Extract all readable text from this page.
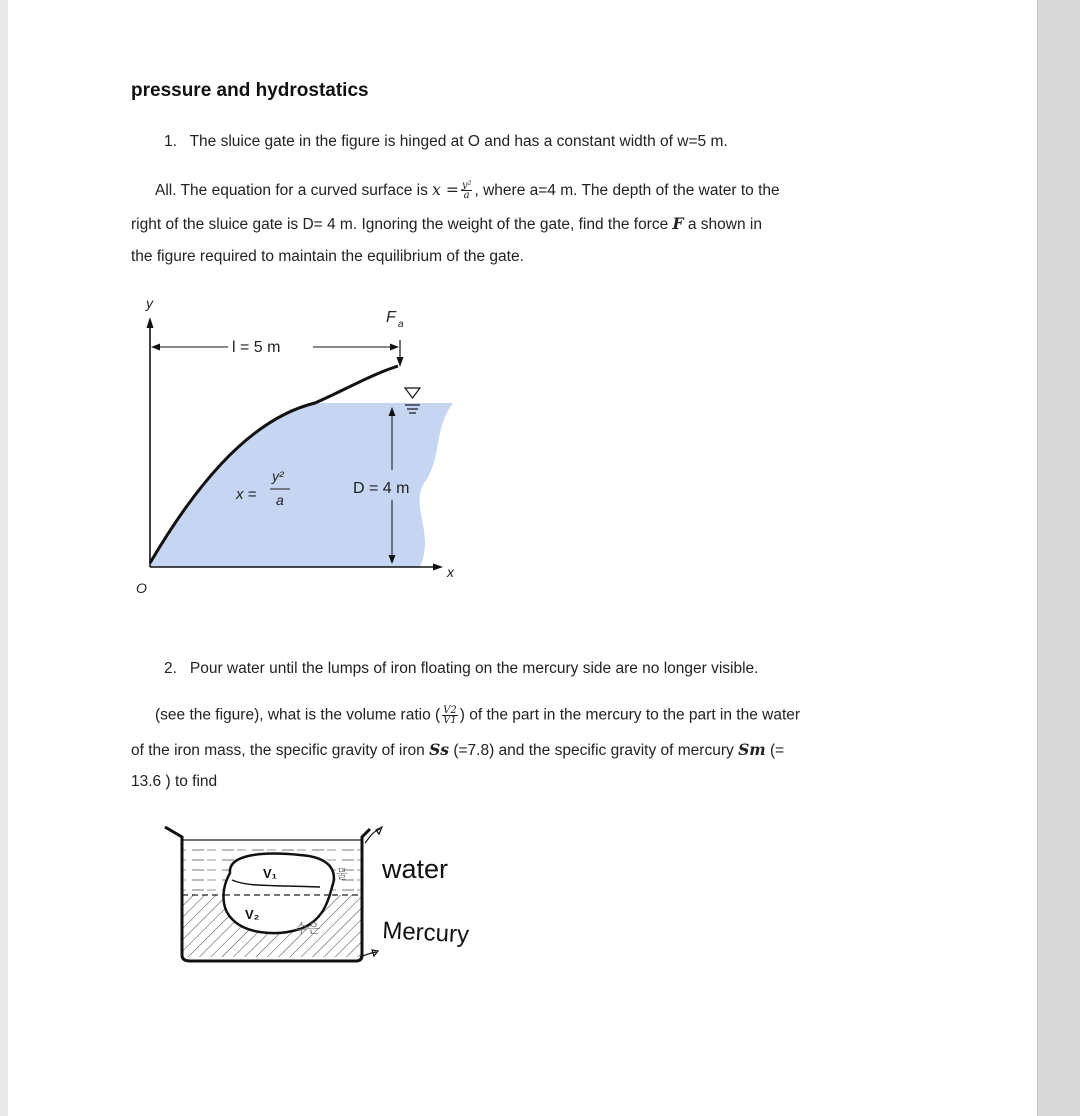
pressure and hydrostatics
1. The sluice gate in the figure is hinged at O and has a constant width of w=5 m.
All. The equation for a curved surface is $x = \frac{\text{y²}}{a}$ , where a=4 m. The depth of the water to the
right of the sluice gate is D= 4 m. Ignoring the weight of the gate, find the force F a shown in
the figure required to maintain the equilibrium of the gate.
l = 5 m
F a
D = 4 m
x =
y²
a
y
x
O
2. Pour water until the lumps of iron floating on the mercury side are no longer visible.
(see the figure), what is the volume ratio ( $\frac{V2}{V1}$ ) of the part in the mercury to the part in the water
of the iron mass, the specific gravity of iron Ss (=7.8) and the specific gravity of mercury Sm (=
13.6 ) to find
V₁
V₂
물
수은
water
Mercury
